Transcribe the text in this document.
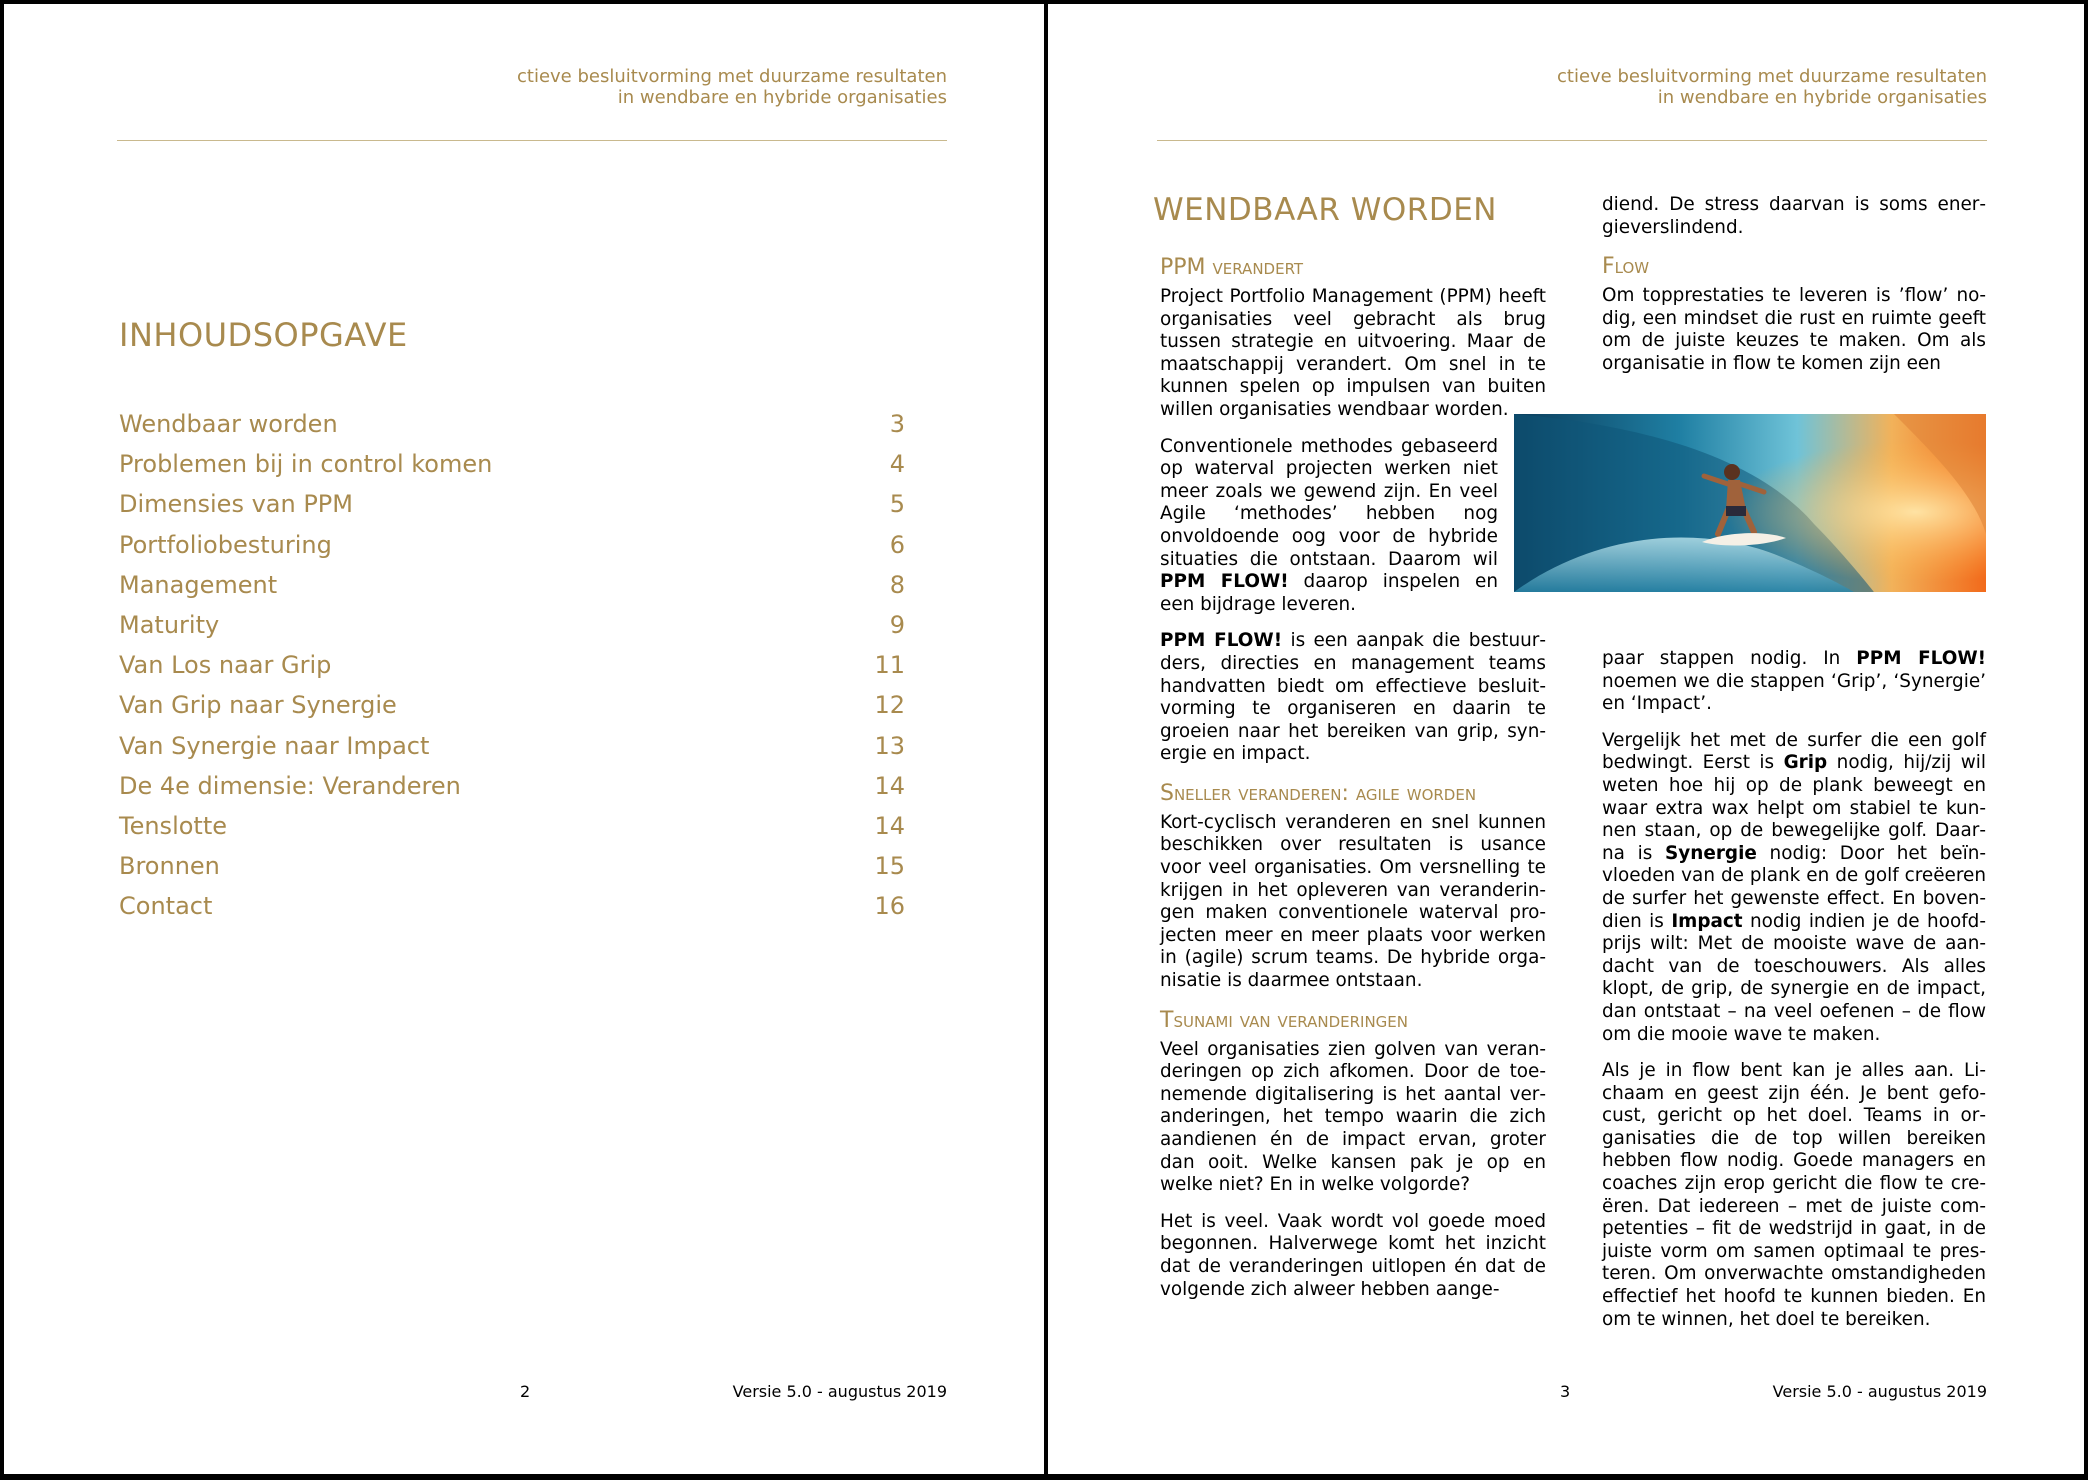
ctieve besluitvorming met duurzame resultaten
in wendbare en hybride organisaties
INHOUDSOPGAVE
Wendbaar worden	3
Problemen bij in control komen	4
Dimensies van PPM	5
Portfoliobesturing	6
Management	8
Maturity	9
Van Los naar Grip	11
Van Grip naar Synergie	12
Van Synergie naar Impact	13
De 4e dimensie: Veranderen	14
Tenslotte	14
Bronnen	15
Contact	16
2	Versie 5.0 - augustus 2019
ctieve besluitvorming met duurzame resultaten
in wendbare en hybride organisaties
WENDBAAR WORDEN
PPM verandert

Project Portfolio Management (PPM) heeft organisaties veel gebracht als brug tussen strategie en uitvoering. Maar de maatschappij verandert. Om snel in te kunnen spelen op impulsen van buiten willen organisaties wendbaar worden.

Conventionele methodes gebaseerd op waterval projecten werken niet meer zoals we gewend zijn. En veel Agile ‘methodes’ hebben nog onvoldoende oog voor de hybride situaties die ontstaan. Daarom wil PPM FLOW! daarop inspelen en een bijdrage leveren.

PPM FLOW! is een aanpak die bestuurders, directies en management teams handvatten biedt om effectieve besluitvorming te organiseren en daarin te groeien naar het bereiken van grip, synergie en impact.

Sneller veranderen: agile worden

Kort-cyclisch veranderen en snel kunnen beschikken over resultaten is usance voor veel organisaties. Om versnelling te krijgen in het opleveren van veranderingen maken conventionele waterval projecten meer en meer plaats voor werken in (agile) scrum teams. De hybride organisatie is daarmee ontstaan.

Tsunami van veranderingen

Veel organisaties zien golven van veranderingen op zich afkomen. Door de toenemende digitalisering is het aantal veranderingen, het tempo waarin die zich aandienen én de impact ervan, groter dan ooit. Welke kansen pak je op en welke niet? En in welke volgorde?

Het is veel. Vaak wordt vol goede moed begonnen. Halverwege komt het inzicht dat de veranderingen uitlopen én dat de volgende zich alweer hebben aange‐

diend. De stress daarvan is soms energieverslindend.

Flow

Om topprestaties te leveren is ’flow’ nodig, een mindset die rust en ruimte geeft om de juiste keuzes te maken. Om als organisatie in flow te komen zijn een

paar stappen nodig. In PPM FLOW! noemen we die stappen ‘Grip’, ‘Synergie’ en ‘Impact’.

Vergelijk het met de surfer die een golf bedwingt. Eerst is Grip nodig, hij/zij wil weten hoe hij op de plank beweegt en waar extra wax helpt om stabiel te kunnen staan, op de bewegelijke golf. Daarna is Synergie nodig: Door het beïnvloeden van de plank en de golf creëeren de surfer het gewenste effect. En bovendien is Impact nodig indien je de hoofdprijs wilt: Met de mooiste wave de aandacht van de toeschouwers. Als alles klopt, de grip, de synergie en de impact, dan ontstaat – na veel oefenen – de flow om die mooie wave te maken.

Als je in flow bent kan je alles aan. Lichaam en geest zijn één. Je bent gefocust, gericht op het doel. Teams in organisaties die de top willen bereiken hebben flow nodig. Goede managers en coaches zijn erop gericht die flow te creëren. Dat iedereen – met de juiste competenties – fit de wedstrijd in gaat, in de juiste vorm om samen optimaal te presteren. Om onverwachte omstandigheden effectief het hoofd te kunnen bieden. En om te winnen, het doel te bereiken.

3	Versie 5.0 - augustus 2019
